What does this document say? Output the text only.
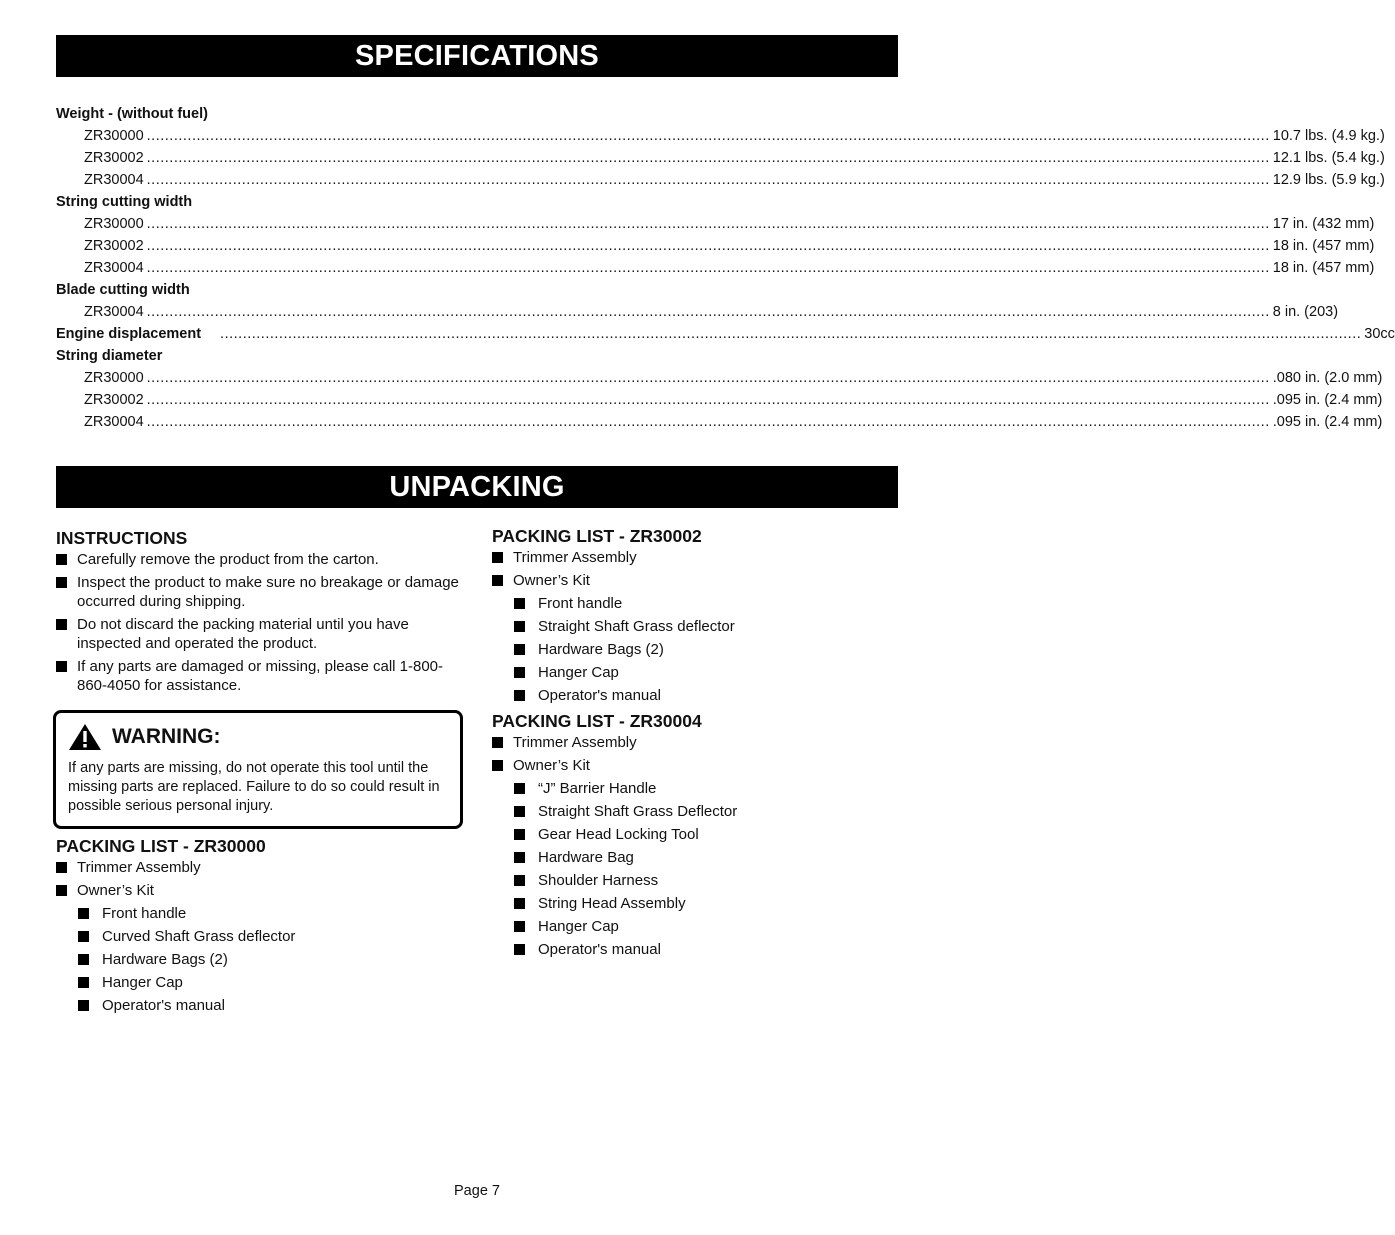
SPECIFICATIONS
Weight - (without fuel)
ZR30000 .....	10.7 lbs. (4.9 kg.)
ZR30002 .....	12.1 lbs. (5.4 kg.)
ZR30004 .....	12.9 lbs. (5.9 kg.)
String cutting width
ZR30000 .....	17 in. (432 mm)
ZR30002 .....	18 in. (457 mm)
ZR30004 .....	18 in. (457 mm)
Blade cutting width
ZR30004 .....	8 in. (203)
Engine displacement ............................................................................................................................................................................................................................................................ 30cc
String diameter
ZR30000 .....	.080 in. (2.0 mm)
ZR30002 .....	.095 in. (2.4 mm)
ZR30004 .....	.095 in. (2.4 mm)
UNPACKING
INSTRUCTIONS
Carefully remove the product from the carton.
Inspect the product to make sure no breakage or damage occurred during shipping.
Do not discard the packing material until you have inspected and operated the product.
If any parts are damaged or missing, please call 1-800-860-4050 for assistance.
WARNING:
If any parts are missing, do not operate this tool until the missing parts are replaced. Failure to do so could result in possible serious personal injury.
PACKING LIST - ZR30000
Trimmer Assembly
Owner’s Kit
Front handle
Curved Shaft Grass deflector
Hardware Bags (2)
Hanger Cap
Operator's manual
PACKING LIST - ZR30002
Trimmer Assembly
Owner’s Kit
Front handle
Straight Shaft Grass deflector
Hardware Bags (2)
Hanger Cap
Operator's manual
PACKING LIST - ZR30004
Trimmer Assembly
Owner’s Kit
“J” Barrier Handle
Straight Shaft Grass Deflector
Gear Head Locking Tool
Hardware Bag
Shoulder Harness
String Head Assembly
Hanger Cap
Operator's manual
Page 7
